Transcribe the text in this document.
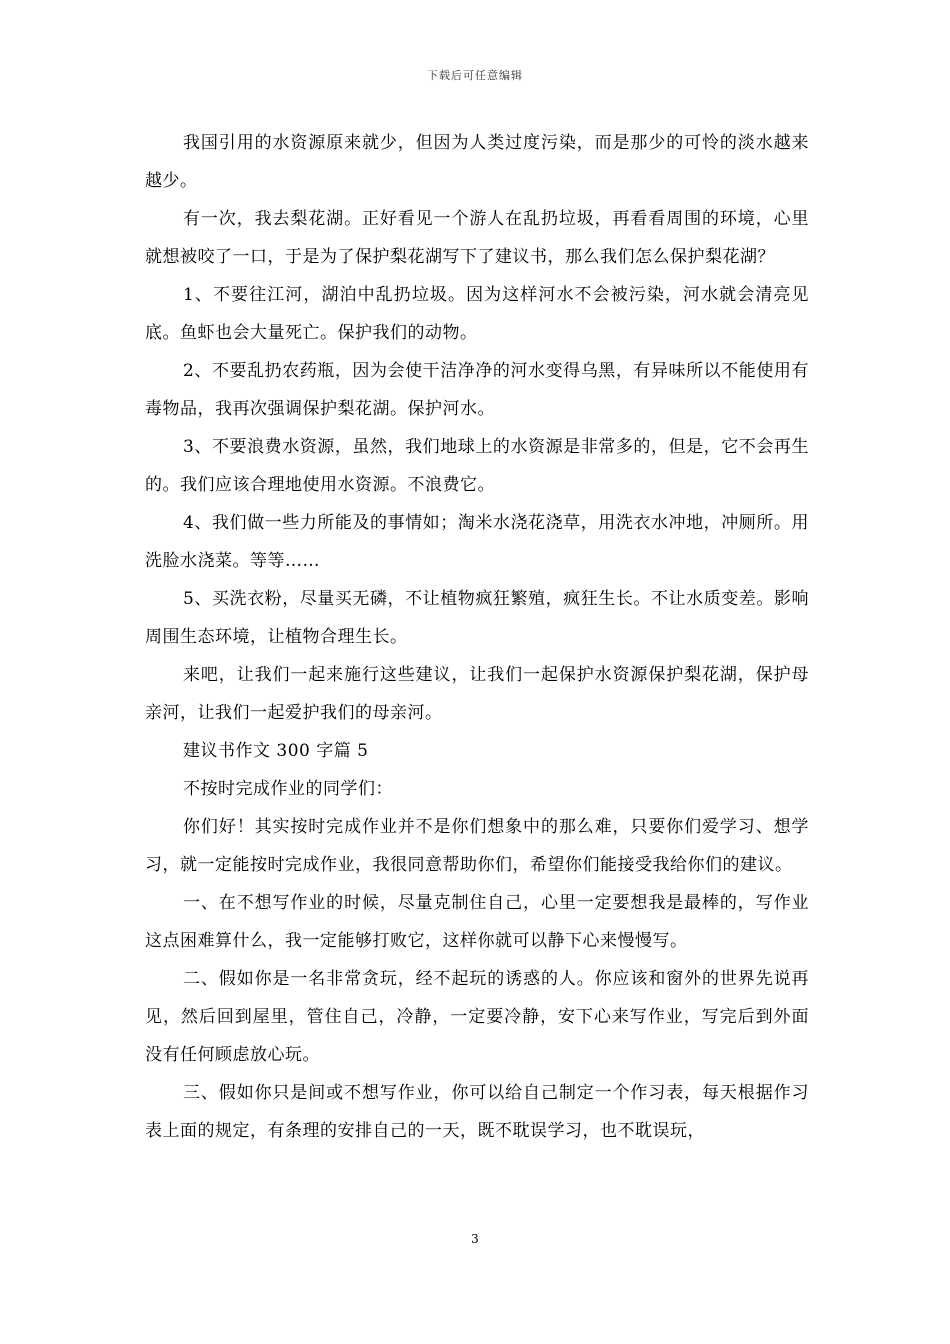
下载后可任意编辑

我国引用的水资源原来就少，但因为人类过度污染，而是那少的可怜的淡水越来越少。

有一次，我去梨花湖。正好看见一个游人在乱扔垃圾，再看看周围的环境，心里就想被咬了一口，于是为了保护梨花湖写下了建议书，那么我们怎么保护梨花湖？

1、不要往江河，湖泊中乱扔垃圾。因为这样河水不会被污染，河水就会清亮见底。鱼虾也会大量死亡。保护我们的动物。

2、不要乱扔农药瓶，因为会使干洁净净的河水变得乌黑，有异味所以不能使用有毒物品，我再次强调保护梨花湖。保护河水。

3、不要浪费水资源，虽然，我们地球上的水资源是非常多的，但是，它不会再生的。我们应该合理地使用水资源。不浪费它。

4、我们做一些力所能及的事情如；淘米水浇花浇草，用洗衣水冲地，冲厕所。用洗脸水浇菜。等等……

5、买洗衣粉，尽量买无磷，不让植物疯狂繁殖，疯狂生长。不让水质变差。影响周围生态环境，让植物合理生长。

来吧，让我们一起来施行这些建议，让我们一起保护水资源保护梨花湖，保护母亲河，让我们一起爱护我们的母亲河。

建议书作文 300 字篇 5

不按时完成作业的同学们：

你们好！其实按时完成作业并不是你们想象中的那么难，只要你们爱学习、想学习，就一定能按时完成作业，我很同意帮助你们，希望你们能接受我给你们的建议。

一、在不想写作业的时候，尽量克制住自己，心里一定要想我是最棒的，写作业这点困难算什么，我一定能够打败它，这样你就可以静下心来慢慢写。

二、假如你是一名非常贪玩，经不起玩的诱惑的人。你应该和窗外的世界先说再见，然后回到屋里，管住自己，冷静，一定要冷静，安下心来写作业，写完后到外面没有任何顾虑放心玩。

三、假如你只是间或不想写作业，你可以给自己制定一个作习表，每天根据作习表上面的规定，有条理的安排自己的一天，既不耽误学习，也不耽误玩，

3
